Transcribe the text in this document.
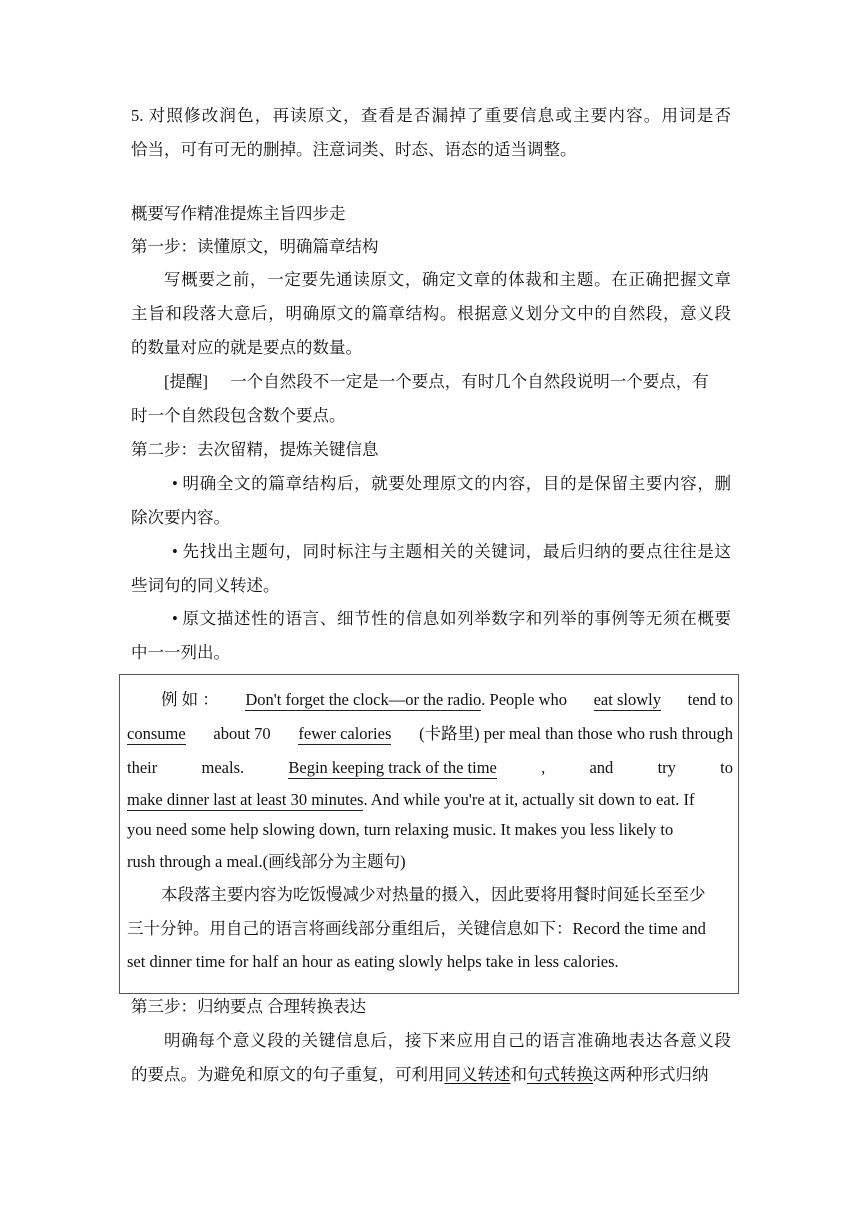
5. 对照修改润色，再读原文，查看是否漏掉了重要信息或主要内容。用词是否
恰当，可有可无的删掉。注意词类、时态、语态的适当调整。
概要写作精准提炼主旨四步走
第一步：读懂原文，明确篇章结构
写概要之前，一定要先通读原文，确定文章的体裁和主题。在正确把握文章
主旨和段落大意后，明确原文的篇章结构。根据意义划分文中的自然段，意义段
的数量对应的就是要点的数量。
[提醒] 一个自然段不一定是一个要点，有时几个自然段说明一个要点，有
时一个自然段包含数个要点。
第二步：去次留精，提炼关键信息
• 明确全文的篇章结构后，就要处理原文的内容，目的是保留主要内容，删
除次要内容。
• 先找出主题句，同时标注与主题相关的关键词，最后归纳的要点往往是这
些词句的同义转述。
• 原文描述性的语言、细节性的信息如列举数字和列举的事例等无须在概要
中一一列出。
例 如 ： Don't forget the clock—or the radio. People who eat slowly tend to
consume about 70 fewer calories (卡路里) per meal than those who rush through
their	meals.	Begin keeping track of the time	,	and	try	to
make dinner last at least 30 minutes. And while you're at it, actually sit down to eat. If
you need some help slowing down, turn relaxing music. It makes you less likely to
rush through a meal.(画线部分为主题句)
本段落主要内容为吃饭慢减少对热量的摄入，因此要将用餐时间延长至至少
三十分钟。用自己的语言将画线部分重组后，关键信息如下：Record the time and
set dinner time for half an hour as eating slowly helps take in less calories.
第三步：归纳要点 合理转换表达
明确每个意义段的关键信息后，接下来应用自己的语言准确地表达各意义段
的要点。为避免和原文的句子重复，可利用同义转述和句式转换这两种形式归纳
